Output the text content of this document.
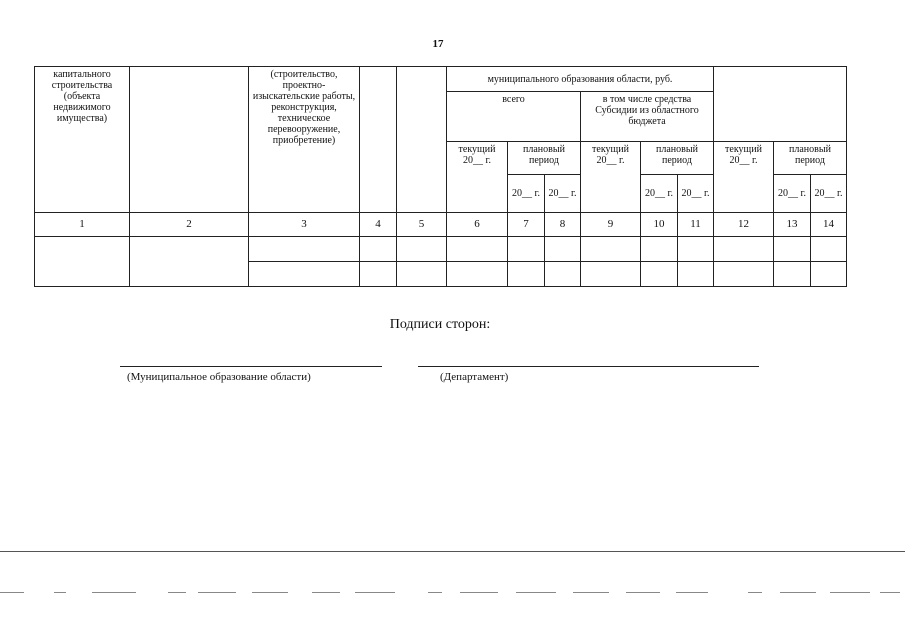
17
капитального строительства (объекта недвижимого имущества)		(строительство, проектно-изыскательские работы, реконструкция, техническое перевооружение, приобретение)			муниципального образования области, руб.								
					всего			в том числе средства Субсидии из областного бюджета					
					текущий 20__ г.	плановый период		текущий 20__ г.	плановый период		текущий 20__ г.	плановый период	
						20__ г.	20__ г.		20__ г.	20__ г.		20__ г.	20__ г.
1	2	3	4	5	6	7	8	9	10	11	12	13	14

Подписи сторон:
(Муниципальное образование области)	(Департамент)
